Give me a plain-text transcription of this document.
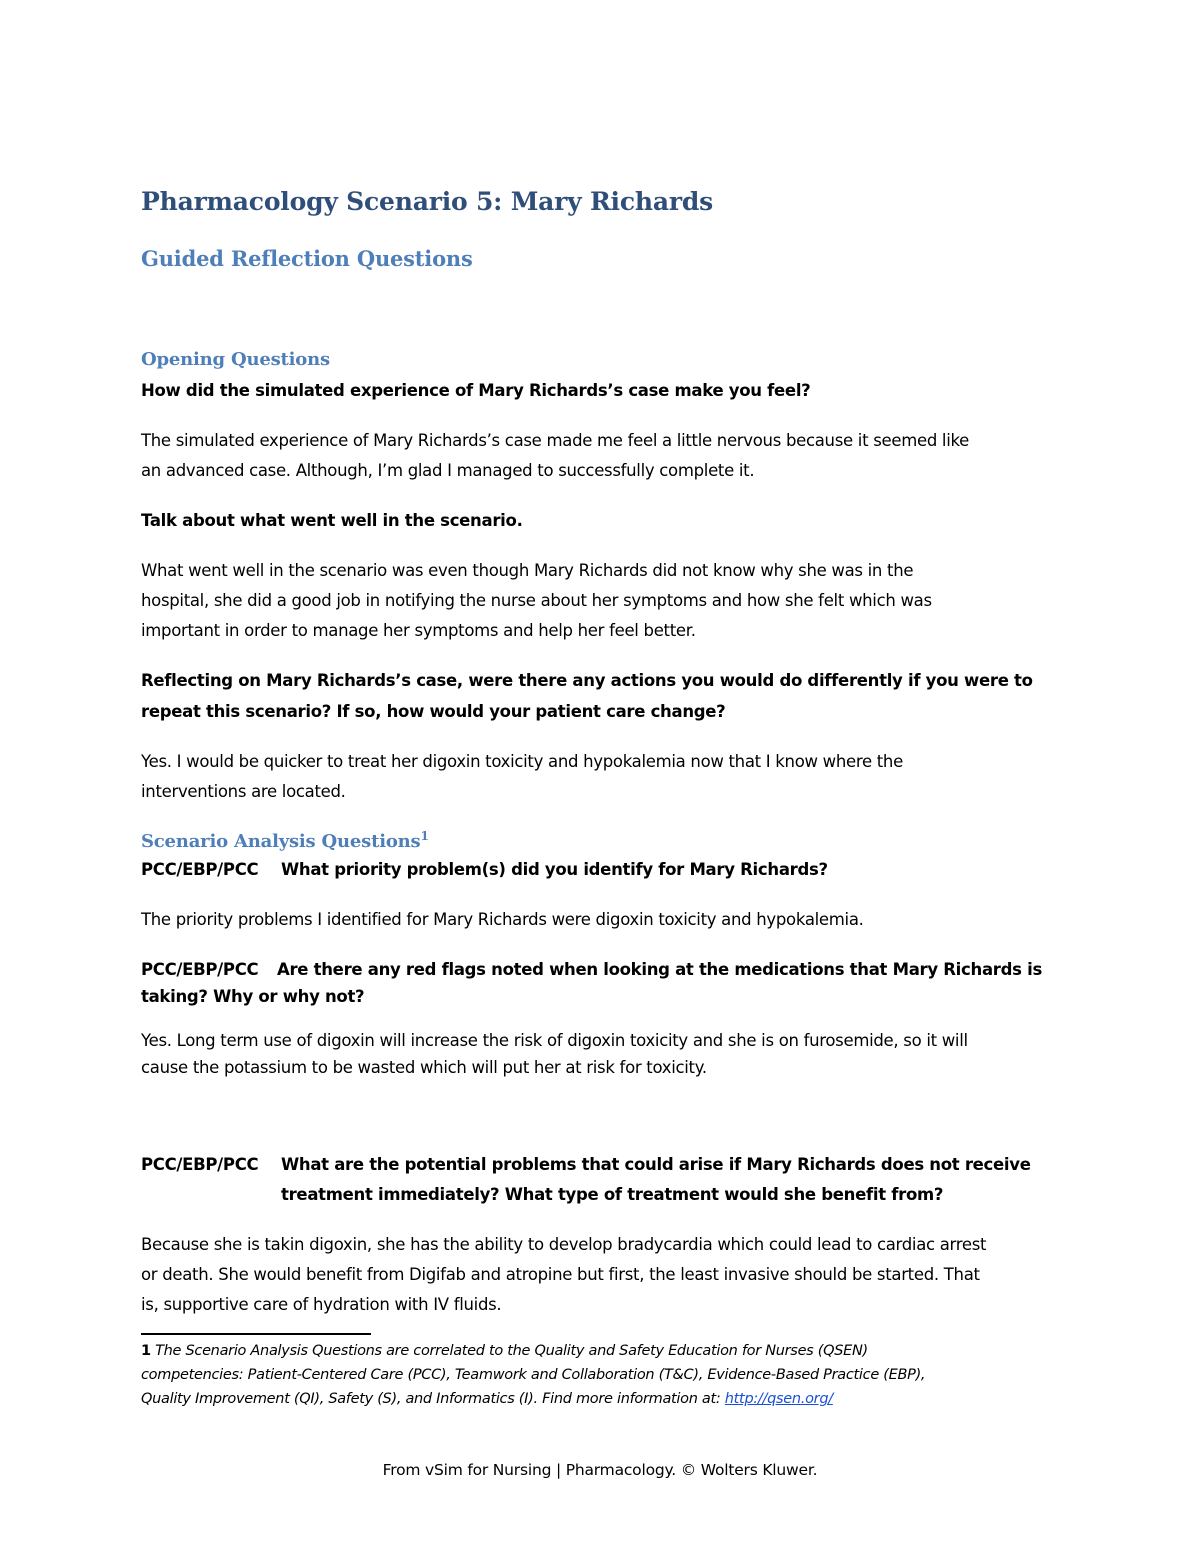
Pharmacology Scenario 5: Mary Richards
Guided Reflection Questions
Opening Questions
How did the simulated experience of Mary Richards’s case make you feel?
The simulated experience of Mary Richards’s case made me feel a little nervous because it seemed like
an advanced case. Although, I’m glad I managed to successfully complete it.
Talk about what went well in the scenario.
What went well in the scenario was even though Mary Richards did not know why she was in the
hospital, she did a good job in notifying the nurse about her symptoms and how she felt which was
important in order to manage her symptoms and help her feel better.
Reflecting on Mary Richards’s case, were there any actions you would do differently if you were to
repeat this scenario? If so, how would your patient care change?
Yes. I would be quicker to treat her digoxin toxicity and hypokalemia now that I know where the
interventions are located.
Scenario Analysis Questions$^1$
PCC/EBP/PCC What priority problem(s) did you identify for Mary Richards?
The priority problems I identified for Mary Richards were digoxin toxicity and hypokalemia.
PCC/EBP/PCC Are there any red flags noted when looking at the medications that Mary Richards is
taking? Why or why not?
Yes. Long term use of digoxin will increase the risk of digoxin toxicity and she is on furosemide, so it will
cause the potassium to be wasted which will put her at risk for toxicity.
PCC/EBP/PCC What are the potential problems that could arise if Mary Richards does not receive
treatment immediately? What type of treatment would she benefit from?
Because she is takin digoxin, she has the ability to develop bradycardia which could lead to cardiac arrest
or death. She would benefit from Digifab and atropine but first, the least invasive should be started. That
is, supportive care of hydration with IV fluids.
1 The Scenario Analysis Questions are correlated to the Quality and Safety Education for Nurses (QSEN)
competencies: Patient-Centered Care (PCC), Teamwork and Collaboration (T&C), Evidence-Based Practice (EBP),
Quality Improvement (QI), Safety (S), and Informatics (I). Find more information at: http://qsen.org/
From vSim for Nursing | Pharmacology. © Wolters Kluwer.
